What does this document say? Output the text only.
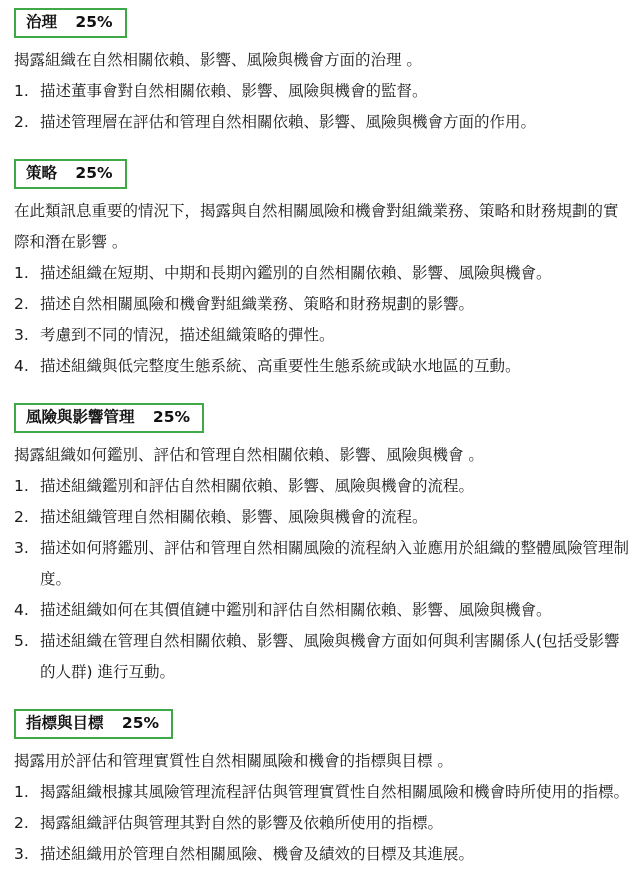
治理 25%

揭露組織在自然相關依賴、影響、風險與機會方面的治理 。

1. 描述董事會對自然相關依賴、影響、風險與機會的監督。
2. 描述管理層在評估和管理自然相關依賴、影響、風險與機會方面的作用。
策略 25%

在此類訊息重要的情況下，揭露與自然相關風險和機會對組織業務、策略和財務規劃的實際和潛在影響 。

1. 描述組織在短期、中期和長期內鑑別的自然相關依賴、影響、風險與機會。
2. 描述自然相關風險和機會對組織業務、策略和財務規劃的影響。
3. 考慮到不同的情況，描述組織策略的彈性。
4. 描述組織與低完整度生態系統、高重要性生態系統或缺水地區的互動。
風險與影響管理 25%

揭露組織如何鑑別、評估和管理自然相關依賴、影響、風險與機會 。

1. 描述組織鑑別和評估自然相關依賴、影響、風險與機會的流程。
2. 描述組織管理自然相關依賴、影響、風險與機會的流程。
3. 描述如何將鑑別、評估和管理自然相關風險的流程納入並應用於組織的整體風險管理制度。
4. 描述組織如何在其價值鏈中鑑別和評估自然相關依賴、影響、風險與機會。
5. 描述組織在管理自然相關依賴、影響、風險與機會方面如何與利害關係人(包括受影響的人群) 進行互動。
指標與目標 25%

揭露用於評估和管理實質性自然相關風險和機會的指標與目標 。

1. 揭露組織根據其風險管理流程評估與管理實質性自然相關風險和機會時所使用的指標。
2. 揭露組織評估與管理其對自然的影響及依賴所使用的指標。
3. 描述組織用於管理自然相關風險、機會及績效的目標及其進展。
